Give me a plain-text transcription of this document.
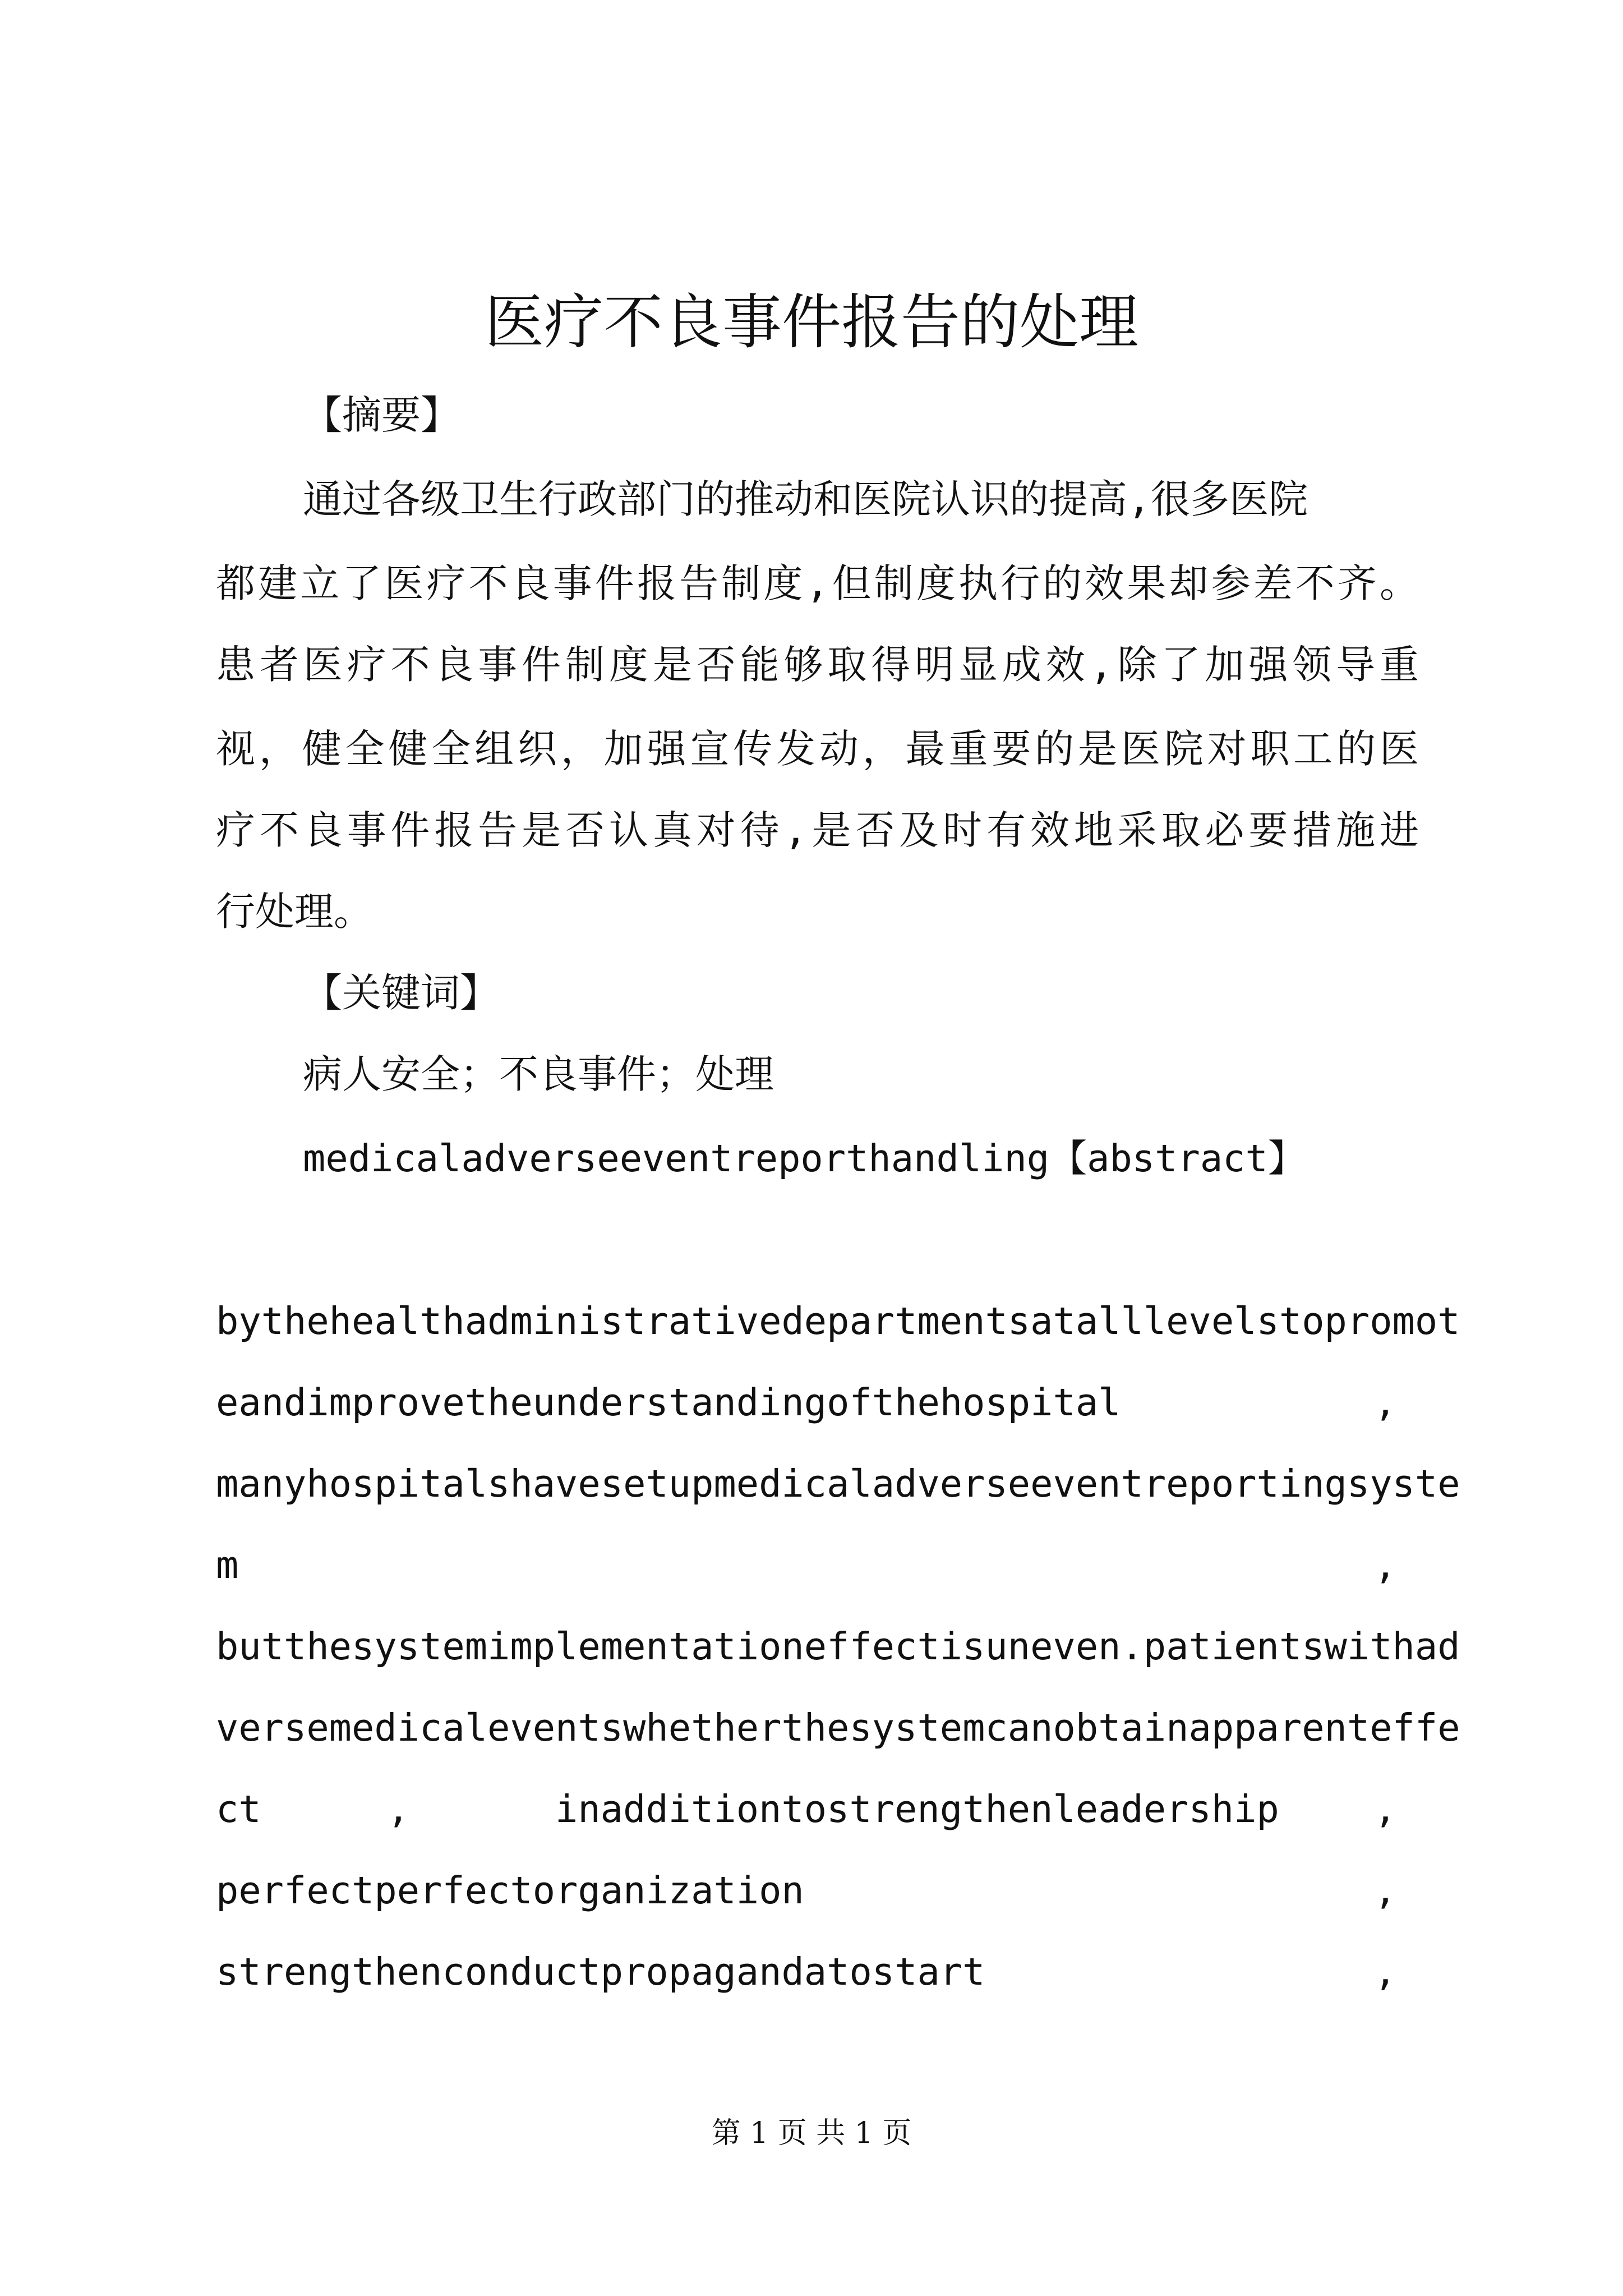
医疗不良事件报告的处理
【摘要】
通过各级卫生行政部门的推动和医院认识的提高,很多医院
都建立了医疗不良事件报告制度,但制度执行的效果却参差不齐。
患者医疗不良事件制度是否能够取得明显成效,除了加强领导重
视，健全健全组织，加强宣传发动，最重要的是医院对职工的医
疗不良事件报告是否认真对待,是否及时有效地采取必要措施进
行处理。
【关键词】
病人安全；不良事件；处理
medicaladverseeventreporthandling【abstract】
bythehealthadministrativedepartmentsatalllevelstopromot
eandimprovetheunderstandingofthehospital	,
manyhospitalshavesetupmedicaladverseeventreportingsyste
m	,
butthesystemimplementationeffectisuneven.patientswithad
versemedicaleventswhetherthesystemcanobtainapparenteffe
ct	,	inadditiontostrengthenleadership	,
perfectperfectorganization	,
strengthenconductpropagandatostart	,
第 1 页 共 1 页
